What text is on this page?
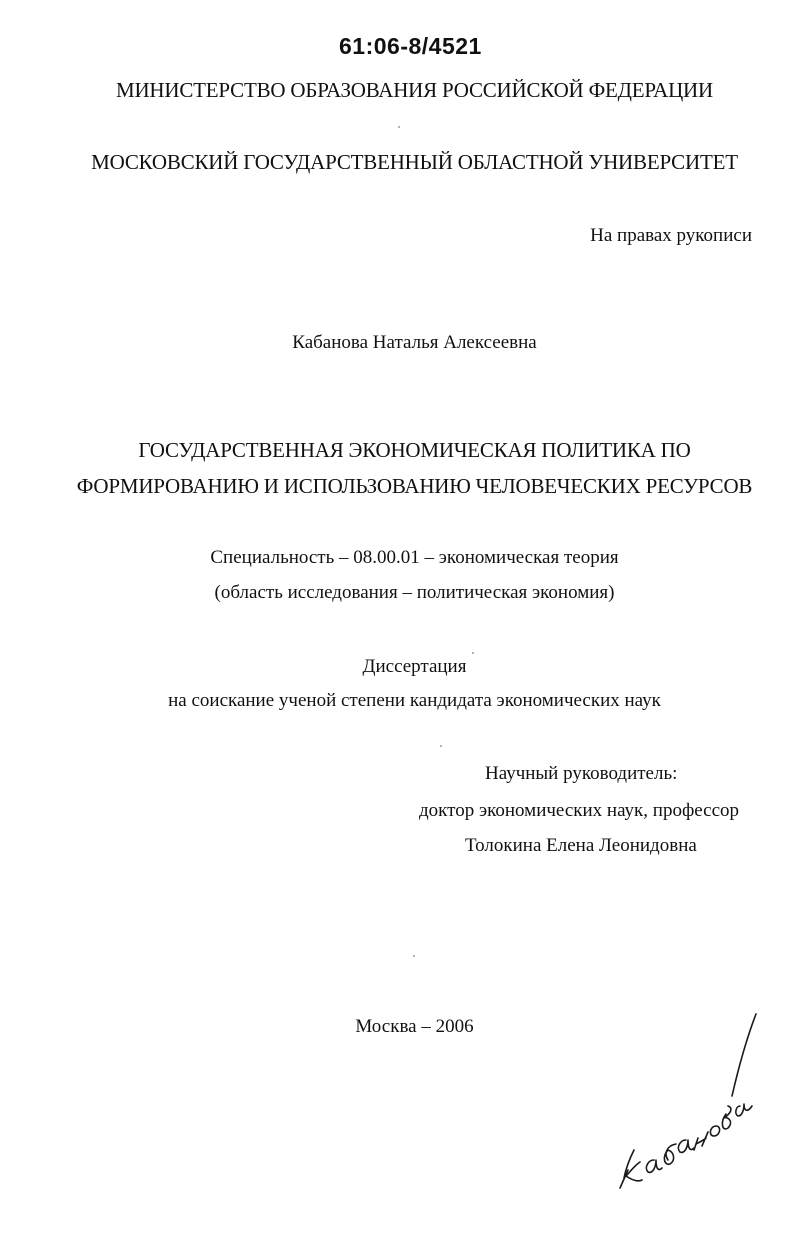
61:06-8/4521
МИНИСТЕРСТВО ОБРАЗОВАНИЯ РОССИЙСКОЙ ФЕДЕРАЦИИ
МОСКОВСКИЙ ГОСУДАРСТВЕННЫЙ ОБЛАСТНОЙ УНИВЕРСИТЕТ
На правах рукописи
Кабанова Наталья Алексеевна
ГОСУДАРСТВЕННАЯ ЭКОНОМИЧЕСКАЯ ПОЛИТИКА ПО
ФОРМИРОВАНИЮ И ИСПОЛЬЗОВАНИЮ ЧЕЛОВЕЧЕСКИХ РЕСУРСОВ
Специальность – 08.00.01 – экономическая теория
(область исследования – политическая экономия)
Диссертация
на соискание ученой степени кандидата экономических наук
Научный руководитель:
доктор экономических наук, профессор
Толокина Елена Леонидовна
Москва – 2006
